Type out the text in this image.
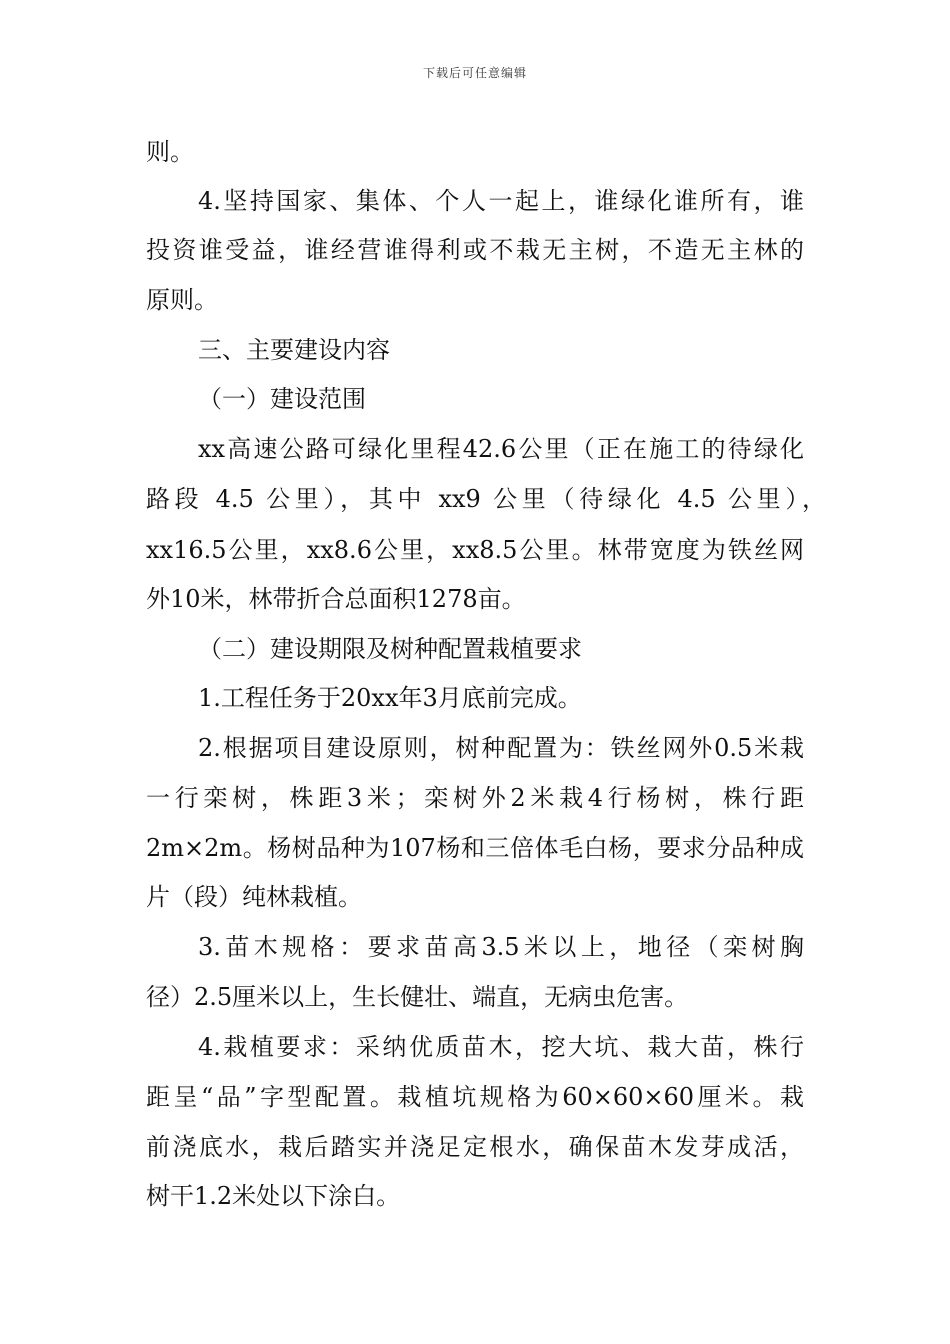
下载后可任意编辑
则。
4.坚持国家、集体、个人一起上，谁绿化谁所有，谁
投资谁受益，谁经营谁得利或不栽无主树，不造无主林的
原则。
三、主要建设内容
（一）建设范围
xx高速公路可绿化里程42.6公里（正在施工的待绿化
路段 4.5 公里），其中 xx9 公里（待绿化 4.5 公里），
xx16.5公里，xx8.6公里，xx8.5公里。林带宽度为铁丝网
外10米，林带折合总面积1278亩。
（二）建设期限及树种配置栽植要求
1.工程任务于20xx年3月底前完成。
2.根据项目建设原则，树种配置为：铁丝网外0.5米栽
一行栾树，株距3米；栾树外2米栽4行杨树，株行距
2m×2m。杨树品种为107杨和三倍体毛白杨，要求分品种成
片（段）纯林栽植。
3.苗木规格：要求苗高3.5米以上，地径（栾树胸
径）2.5厘米以上，生长健壮、端直，无病虫危害。
4.栽植要求：采纳优质苗木，挖大坑、栽大苗，株行
距呈“品”字型配置。栽植坑规格为60×60×60厘米。栽
前浇底水，栽后踏实并浇足定根水，确保苗木发芽成活，
树干1.2米处以下涂白。
